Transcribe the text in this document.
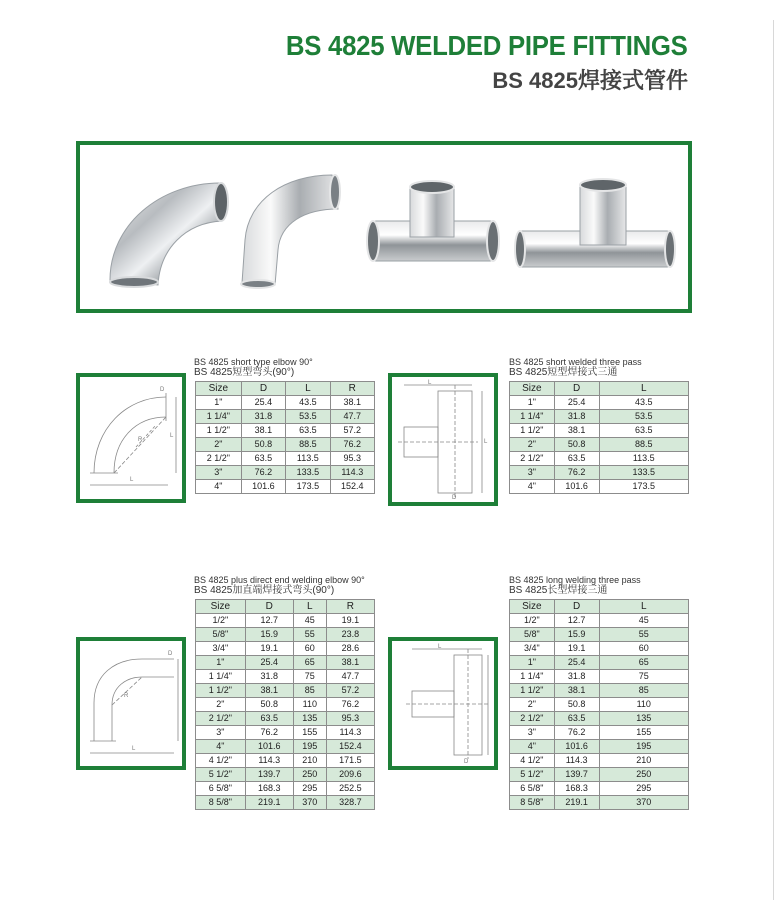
BS 4825 WELDED PIPE FITTINGS
BS 4825焊接式管件
L
L
R
D
BS 4825 short type elbow 90°
BS 4825短型弯头(90°)
Size	D	L	R
1"	25.4	43.5	38.1
1 1/4"	31.8	53.5	47.7
1 1/2"	38.1	63.5	57.2
2"	50.8	88.5	76.2
2 1/2"	63.5	113.5	95.3
3"	76.2	133.5	114.3
4"	101.6	173.5	152.4
L
L
D
BS 4825 short welded three pass
BS 4825短型焊接式三通
Size	D	L
1"	25.4	43.5
1 1/4"	31.8	53.5
1 1/2"	38.1	63.5
2"	50.8	88.5
2 1/2"	63.5	113.5
3"	76.2	133.5
4"	101.6	173.5
L
R
D
BS 4825 plus direct end welding elbow 90°
BS 4825加直端焊接式弯头(90°)
Size	D	L	R
1/2"	12.7	45	19.1
5/8"	15.9	55	23.8
3/4"	19.1	60	28.6
1"	25.4	65	38.1
1 1/4"	31.8	75	47.7
1 1/2"	38.1	85	57.2
2"	50.8	110	76.2
2 1/2"	63.5	135	95.3
3"	76.2	155	114.3
4"	101.6	195	152.4
4 1/2"	114.3	210	171.5
5 1/2"	139.7	250	209.6
6 5/8"	168.3	295	252.5
8 5/8"	219.1	370	328.7
L
D
BS 4825 long welding three pass
BS 4825长型焊接三通
Size	D	L
1/2"	12.7	45
5/8"	15.9	55
3/4"	19.1	60
1"	25.4	65
1 1/4"	31.8	75
1 1/2"	38.1	85
2"	50.8	110
2 1/2"	63.5	135
3"	76.2	155
4"	101.6	195
4 1/2"	114.3	210
5 1/2"	139.7	250
6 5/8"	168.3	295
8 5/8"	219.1	370
